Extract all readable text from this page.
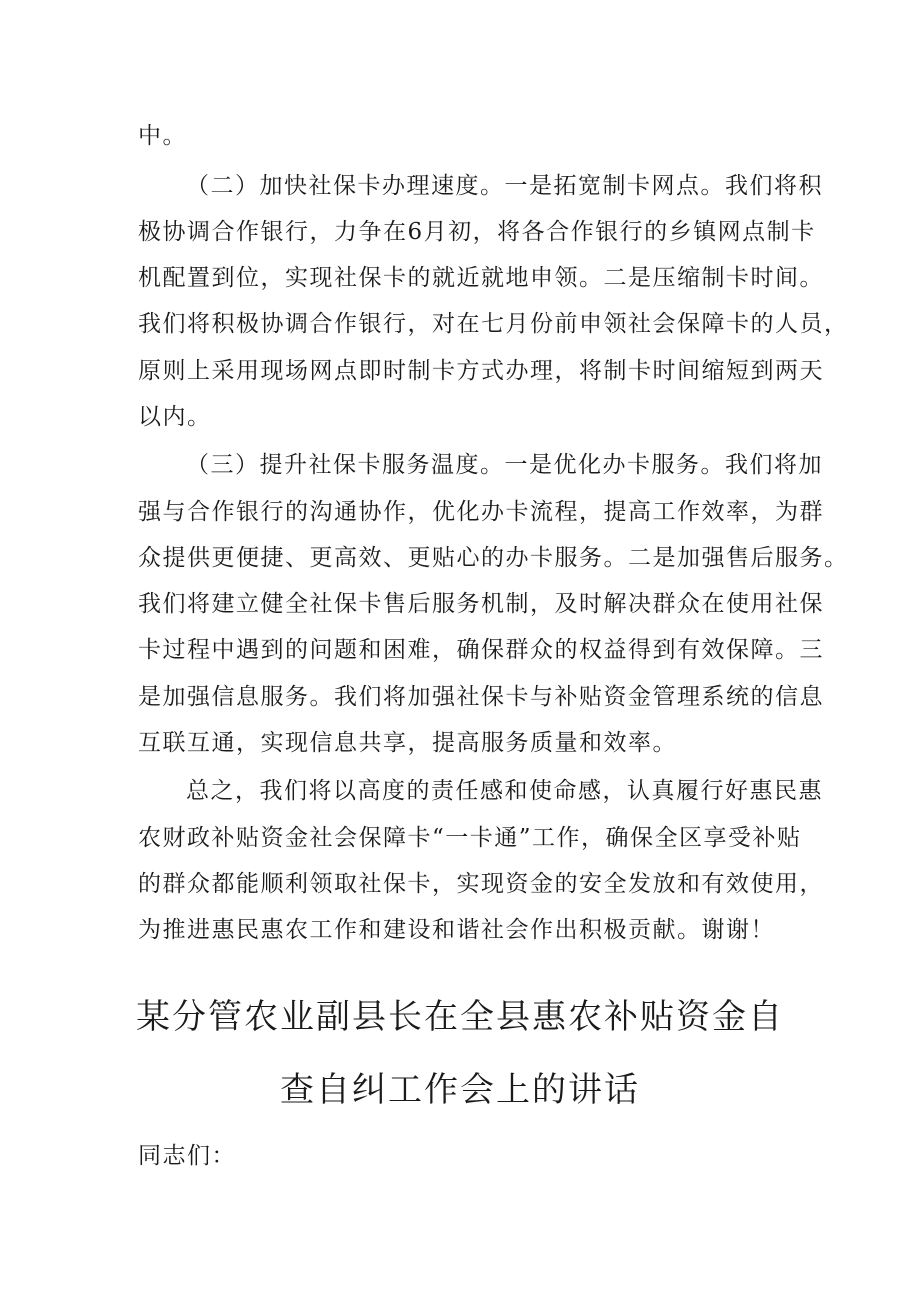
中。
（二）加快社保卡办理速度。一是拓宽制卡网点。我们将积
极协调合作银行，力争在6月初，将各合作银行的乡镇网点制卡
机配置到位，实现社保卡的就近就地申领。二是压缩制卡时间。
我们将积极协调合作银行，对在七月份前申领社会保障卡的人员，
原则上采用现场网点即时制卡方式办理，将制卡时间缩短到两天
以内。
（三）提升社保卡服务温度。一是优化办卡服务。我们将加
强与合作银行的沟通协作，优化办卡流程，提高工作效率，为群
众提供更便捷、更高效、更贴心的办卡服务。二是加强售后服务。
我们将建立健全社保卡售后服务机制，及时解决群众在使用社保
卡过程中遇到的问题和困难，确保群众的权益得到有效保障。三
是加强信息服务。我们将加强社保卡与补贴资金管理系统的信息
互联互通，实现信息共享，提高服务质量和效率。
总之，我们将以高度的责任感和使命感，认真履行好惠民惠
农财政补贴资金社会保障卡“一卡通”工作，确保全区享受补贴
的群众都能顺利领取社保卡，实现资金的安全发放和有效使用，
为推进惠民惠农工作和建设和谐社会作出积极贡献。谢谢！
某分管农业副县长在全县惠农补贴资金自
查自纠工作会上的讲话
同志们：
